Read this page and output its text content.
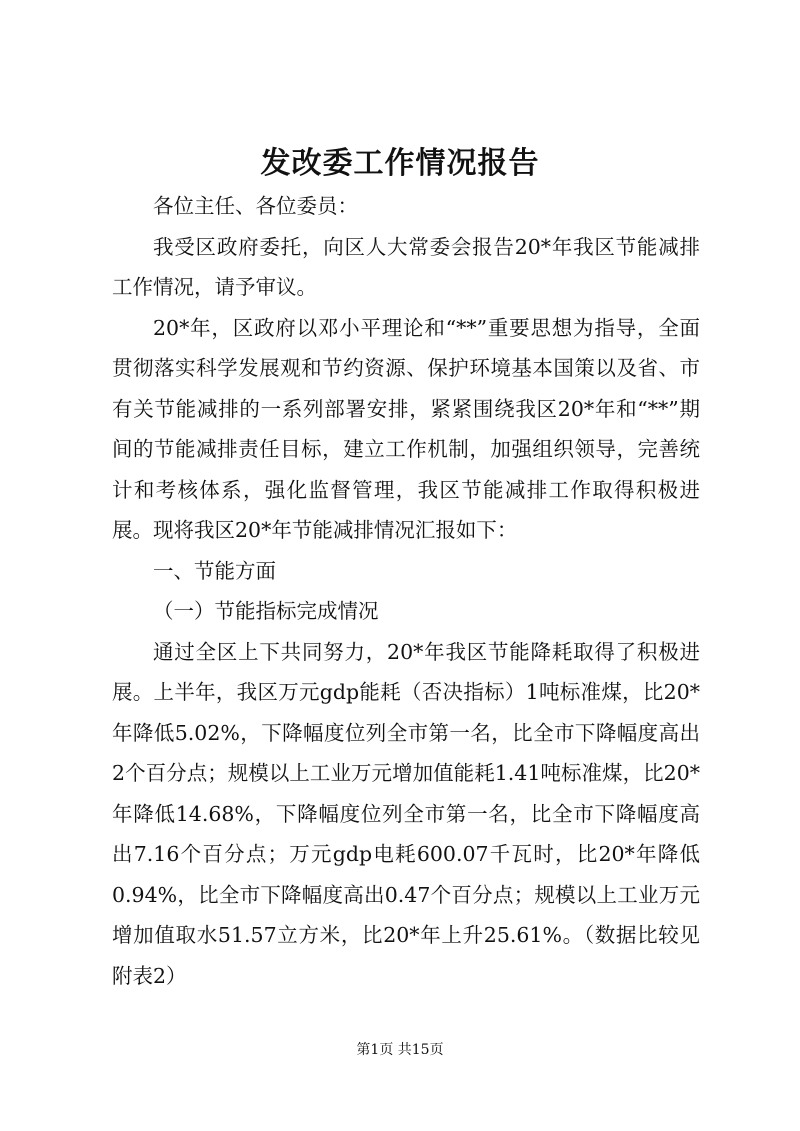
发改委工作情况报告

各位主任、各位委员：

我受区政府委托，向区人大常委会报告20*年我区节能减排工作情况，请予审议。

20*年，区政府以邓小平理论和“**”重要思想为指导，全面贯彻落实科学发展观和节约资源、保护环境基本国策以及省、市有关节能减排的一系列部署安排，紧紧围绕我区20*年和“**”期间的节能减排责任目标，建立工作机制，加强组织领导，完善统计和考核体系，强化监督管理，我区节能减排工作取得积极进展。现将我区20*年节能减排情况汇报如下：

一、节能方面

（一）节能指标完成情况

通过全区上下共同努力，20*年我区节能降耗取得了积极进展。上半年，我区万元gdp能耗（否决指标）1吨标准煤，比20*年降低5.02%，下降幅度位列全市第一名，比全市下降幅度高出2个百分点；规模以上工业万元增加值能耗1.41吨标准煤，比20*年降低14.68%，下降幅度位列全市第一名，比全市下降幅度高出7.16个百分点；万元gdp电耗600.07千瓦时，比20*年降低0.94%，比全市下降幅度高出0.47个百分点；规模以上工业万元增加值取水51.57立方米，比20*年上升25.61%。（数据比较见附表2）

第1页 共15页
